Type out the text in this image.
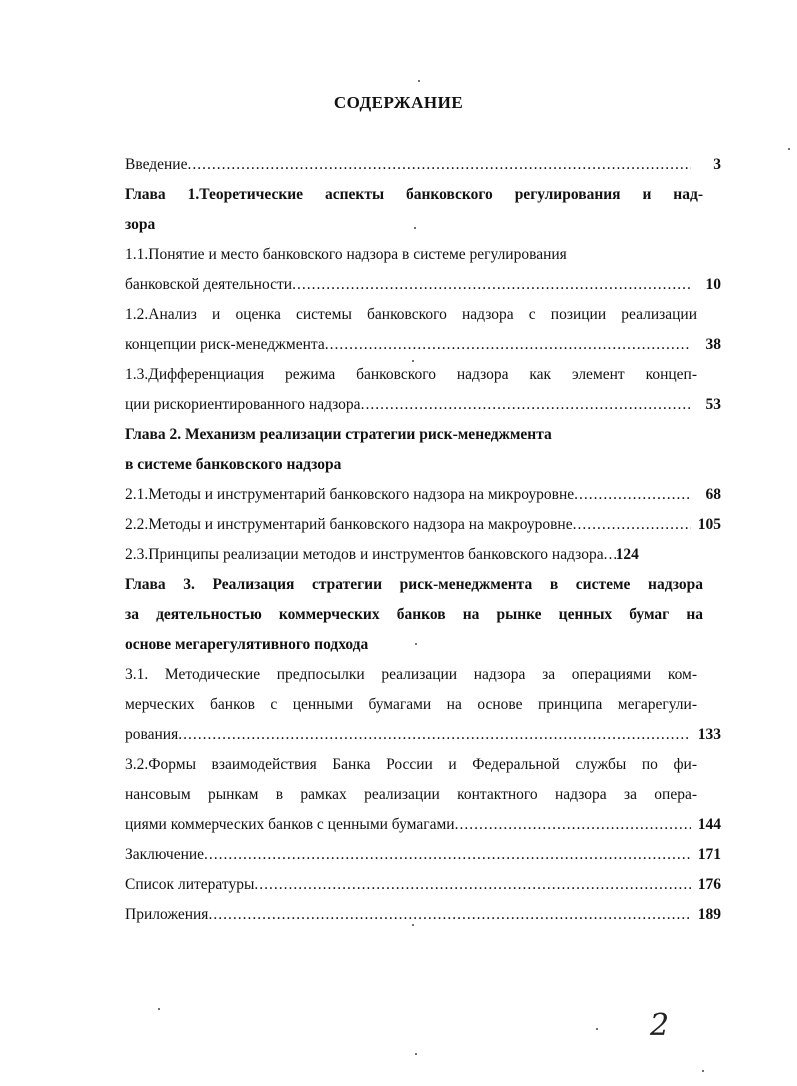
СОДЕРЖАНИЕ
Введение .....	3
Глава 1.Теоретические аспекты банковского регулирования и над-
зора
1.1.Понятие и место банковского надзора в системе регулирования
банковской деятельности .....	10
1.2.Анализ и оценка системы банковского надзора с позиции реализации
концепции риск-менеджмента .....	38
1.3.Дифференциация режима банковского надзора как элемент концеп-
ции рискориентированного надзора .....	53
Глава 2. Механизм реализации стратегии риск-менеджмента
в системе банковского надзора
2.1.Методы и инструментарий банковского надзора на микроуровне .....	68
2.2.Методы и инструментарий банковского надзора на макроуровне .....	105
2.3.Принципы реализации методов и инструментов банковского надзора ..... 124
Глава 3. Реализация стратегии риск-менеджмента в системе надзора
за деятельностью коммерческих банков на рынке ценных бумаг на
основе мегарегулятивного подхода
3.1. Методические предпосылки реализации надзора за операциями ком-
мерческих банков с ценными бумагами на основе принципа мегарегули-
рования .....	133
3.2.Формы взаимодействия Банка России и Федеральной службы по фи-
нансовым рынкам в рамках реализации контактного надзора за опера-
циями коммерческих банков с ценными бумагами .....	144
Заключение .....	171
Список литературы .....	176
Приложения .....	189
2
